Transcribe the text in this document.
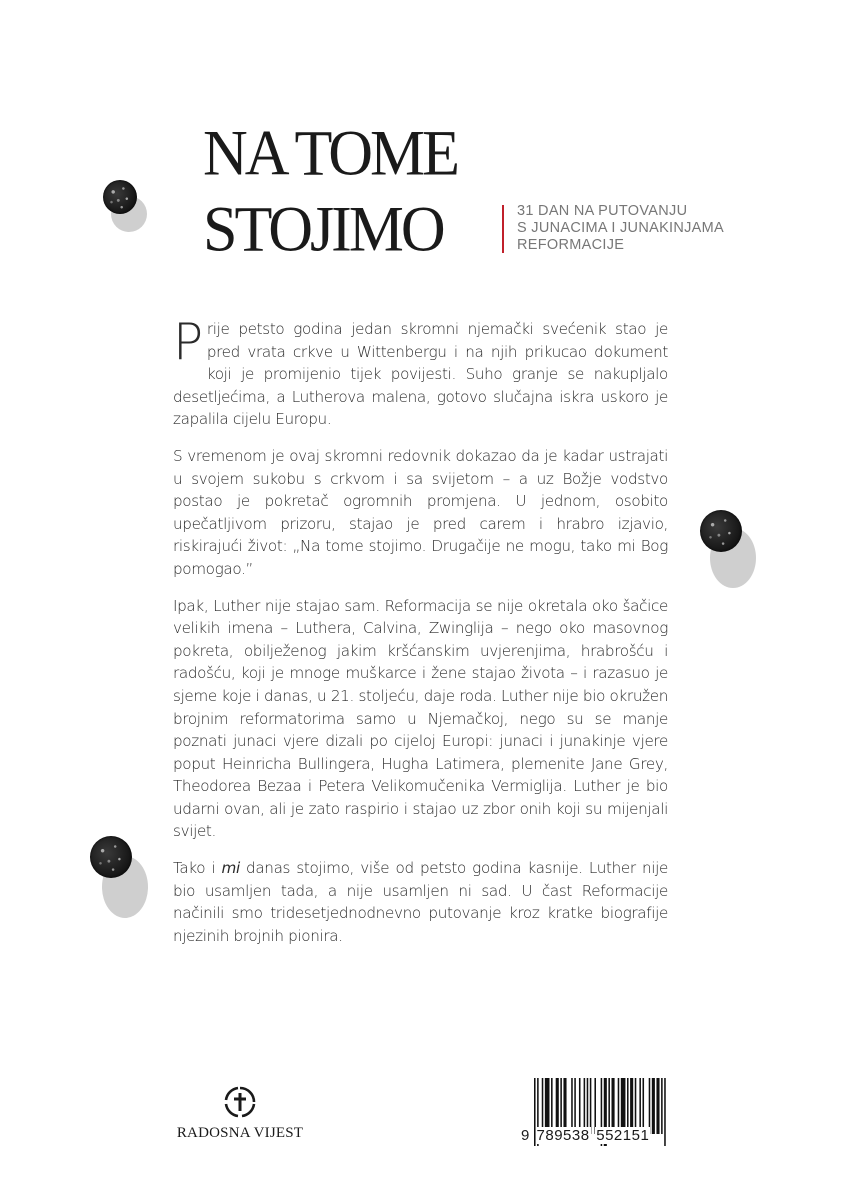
NA TOME
STOJIMO	31 DAN NA PUTOVANJU
S JUNACIMA I JUNAKINJAMA
REFORMACIJE

Prije petsto godina jedan skromni njemački svećenik stao je pred vrata crkve u Wittenbergu i na njih prikucao dokument koji je promijenio tijek povijesti. Suho granje se nakupljalo desetljećima, a Lutherova malena, gotovo slučajna iskra uskoro je zapalila cijelu Europu.

S vremenom je ovaj skromni redovnik dokazao da je kadar ustrajati u svojem sukobu s crkvom i sa svijetom – a uz Božje vodstvo postao je pokretač ogromnih promjena. U jednom, osobito upečatljivom prizoru, stajao je pred carem i hrabro izjavio, riskirajući život: „Na tome stojimo. Drugačije ne mogu, tako mi Bog pomogao.”

Ipak, Luther nije stajao sam. Reformacija se nije okretala oko šačice velikih imena – Luthera, Calvina, Zwinglija – nego oko masovnog pokreta, obilježenog jakim kršćanskim uvjerenjima, hrabrošću i radošću, koji je mnoge muškarce i žene stajao života – i razasuo je sjeme koje i danas, u 21. stoljeću, daje roda. Luther nije bio okružen brojnim reformatorima samo u Njemačkoj, nego su se manje poznati junaci vjere dizali po cijeloj Europi: junaci i junakinje vjere poput Heinricha Bullingera, Hugha Latimera, plemenite Jane Grey, Theodorea Bezaa i Petera Velikomučenika Vermiglija. Luther je bio udarni ovan, ali je zato raspirio i stajao uz zbor onih koji su mijenjali svijet.

Tako i mi danas stojimo, više od petsto godina kasnije. Luther nije bio usamljen tada, a nije usamljen ni sad. U čast Reformacije načinili smo tridesetjednodnevno putovanje kroz kratke biografije njezinih brojnih pionira.

RADOSNA VIJEST	9 789538 552151
